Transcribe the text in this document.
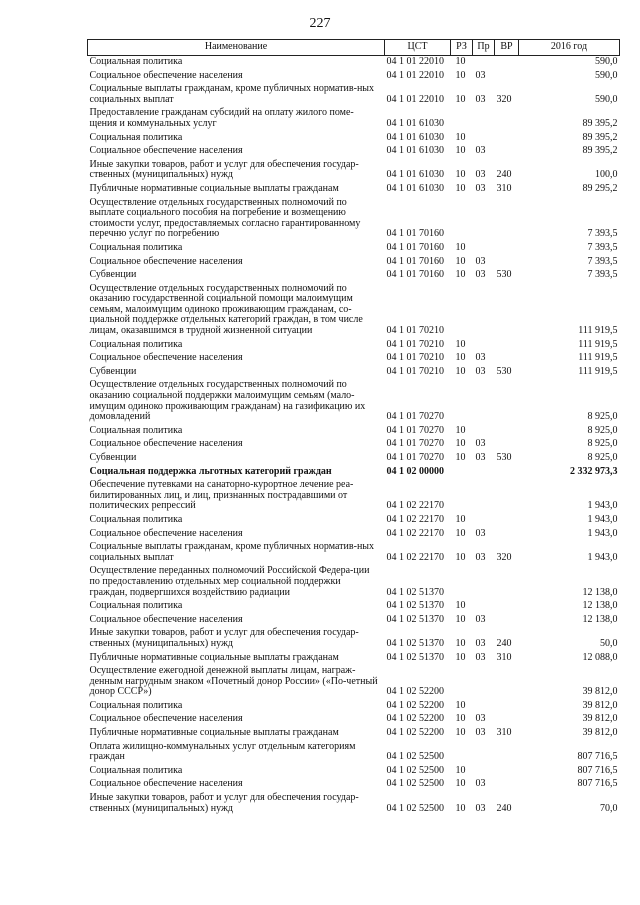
227
Наименование	ЦСТ	РЗ	Пр	ВР	2016 год
Социальная политика	04 1 01 22010	10			590,0
Социальное обеспечение населения	04 1 01 22010	10	03		590,0
Социальные выплаты гражданам, кроме публичных норматив-ных социальных выплат	04 1 01 22010	10	03	320	590,0
Предоставление гражданам субсидий на оплату жилого поме-щения и коммунальных услуг	04 1 01 61030				89 395,2
Социальная политика	04 1 01 61030	10			89 395,2
Социальное обеспечение населения	04 1 01 61030	10	03		89 395,2
Иные закупки товаров, работ и услуг для обеспечения государ-ственных (муниципальных) нужд	04 1 01 61030	10	03	240	100,0
Публичные нормативные социальные выплаты гражданам	04 1 01 61030	10	03	310	89 295,2
Осуществление отдельных государственных полномочий по выплате социального пособия на погребение и возмещению стоимости услуг, предоставляемых согласно гарантированному перечню услуг по погребению	04 1 01 70160				7 393,5
Социальная политика	04 1 01 70160	10			7 393,5
Социальное обеспечение населения	04 1 01 70160	10	03		7 393,5
Субвенции	04 1 01 70160	10	03	530	7 393,5
Осуществление отдельных государственных полномочий по оказанию государственной социальной помощи малоимущим семьям, малоимущим одиноко проживающим гражданам, со-циальной поддержке отдельных категорий граждан, в том числе лицам, оказавшимся в трудной жизненной ситуации	04 1 01 70210				111 919,5
Социальная политика	04 1 01 70210	10			111 919,5
Социальное обеспечение населения	04 1 01 70210	10	03		111 919,5
Субвенции	04 1 01 70210	10	03	530	111 919,5
Осуществление отдельных государственных полномочий по оказанию социальной поддержки малоимущим семьям (мало-имущим одиноко проживающим гражданам) на газификацию их домовладений	04 1 01 70270				8 925,0
Социальная политика	04 1 01 70270	10			8 925,0
Социальное обеспечение населения	04 1 01 70270	10	03		8 925,0
Субвенции	04 1 01 70270	10	03	530	8 925,0
Социальная поддержка льготных категорий граждан	04 1 02 00000				2 332 973,3
Обеспечение путевками на санаторно-курортное лечение реа-билитированных лиц, и лиц, признанных пострадавшими от политических репрессий	04 1 02 22170				1 943,0
Социальная политика	04 1 02 22170	10			1 943,0
Социальное обеспечение населения	04 1 02 22170	10	03		1 943,0
Социальные выплаты гражданам, кроме публичных норматив-ных социальных выплат	04 1 02 22170	10	03	320	1 943,0
Осуществление переданных полномочий Российской Федера-ции по предоставлению отдельных мер социальной поддержки граждан, подвергшихся воздействию радиации	04 1 02 51370				12 138,0
Социальная политика	04 1 02 51370	10			12 138,0
Социальное обеспечение населения	04 1 02 51370	10	03		12 138,0
Иные закупки товаров, работ и услуг для обеспечения государ-ственных (муниципальных) нужд	04 1 02 51370	10	03	240	50,0
Публичные нормативные социальные выплаты гражданам	04 1 02 51370	10	03	310	12 088,0
Осуществление ежегодной денежной выплаты лицам, награж-денным нагрудным знаком «Почетный донор России» («По-четный донор СССР»)	04 1 02 52200				39 812,0
Социальная политика	04 1 02 52200	10			39 812,0
Социальное обеспечение населения	04 1 02 52200	10	03		39 812,0
Публичные нормативные социальные выплаты гражданам	04 1 02 52200	10	03	310	39 812,0
Оплата жилищно-коммунальных услуг отдельным категориям граждан	04 1 02 52500				807 716,5
Социальная политика	04 1 02 52500	10			807 716,5
Социальное обеспечение населения	04 1 02 52500	10	03		807 716,5
Иные закупки товаров, работ и услуг для обеспечения государ-ственных (муниципальных) нужд	04 1 02 52500	10	03	240	70,0
